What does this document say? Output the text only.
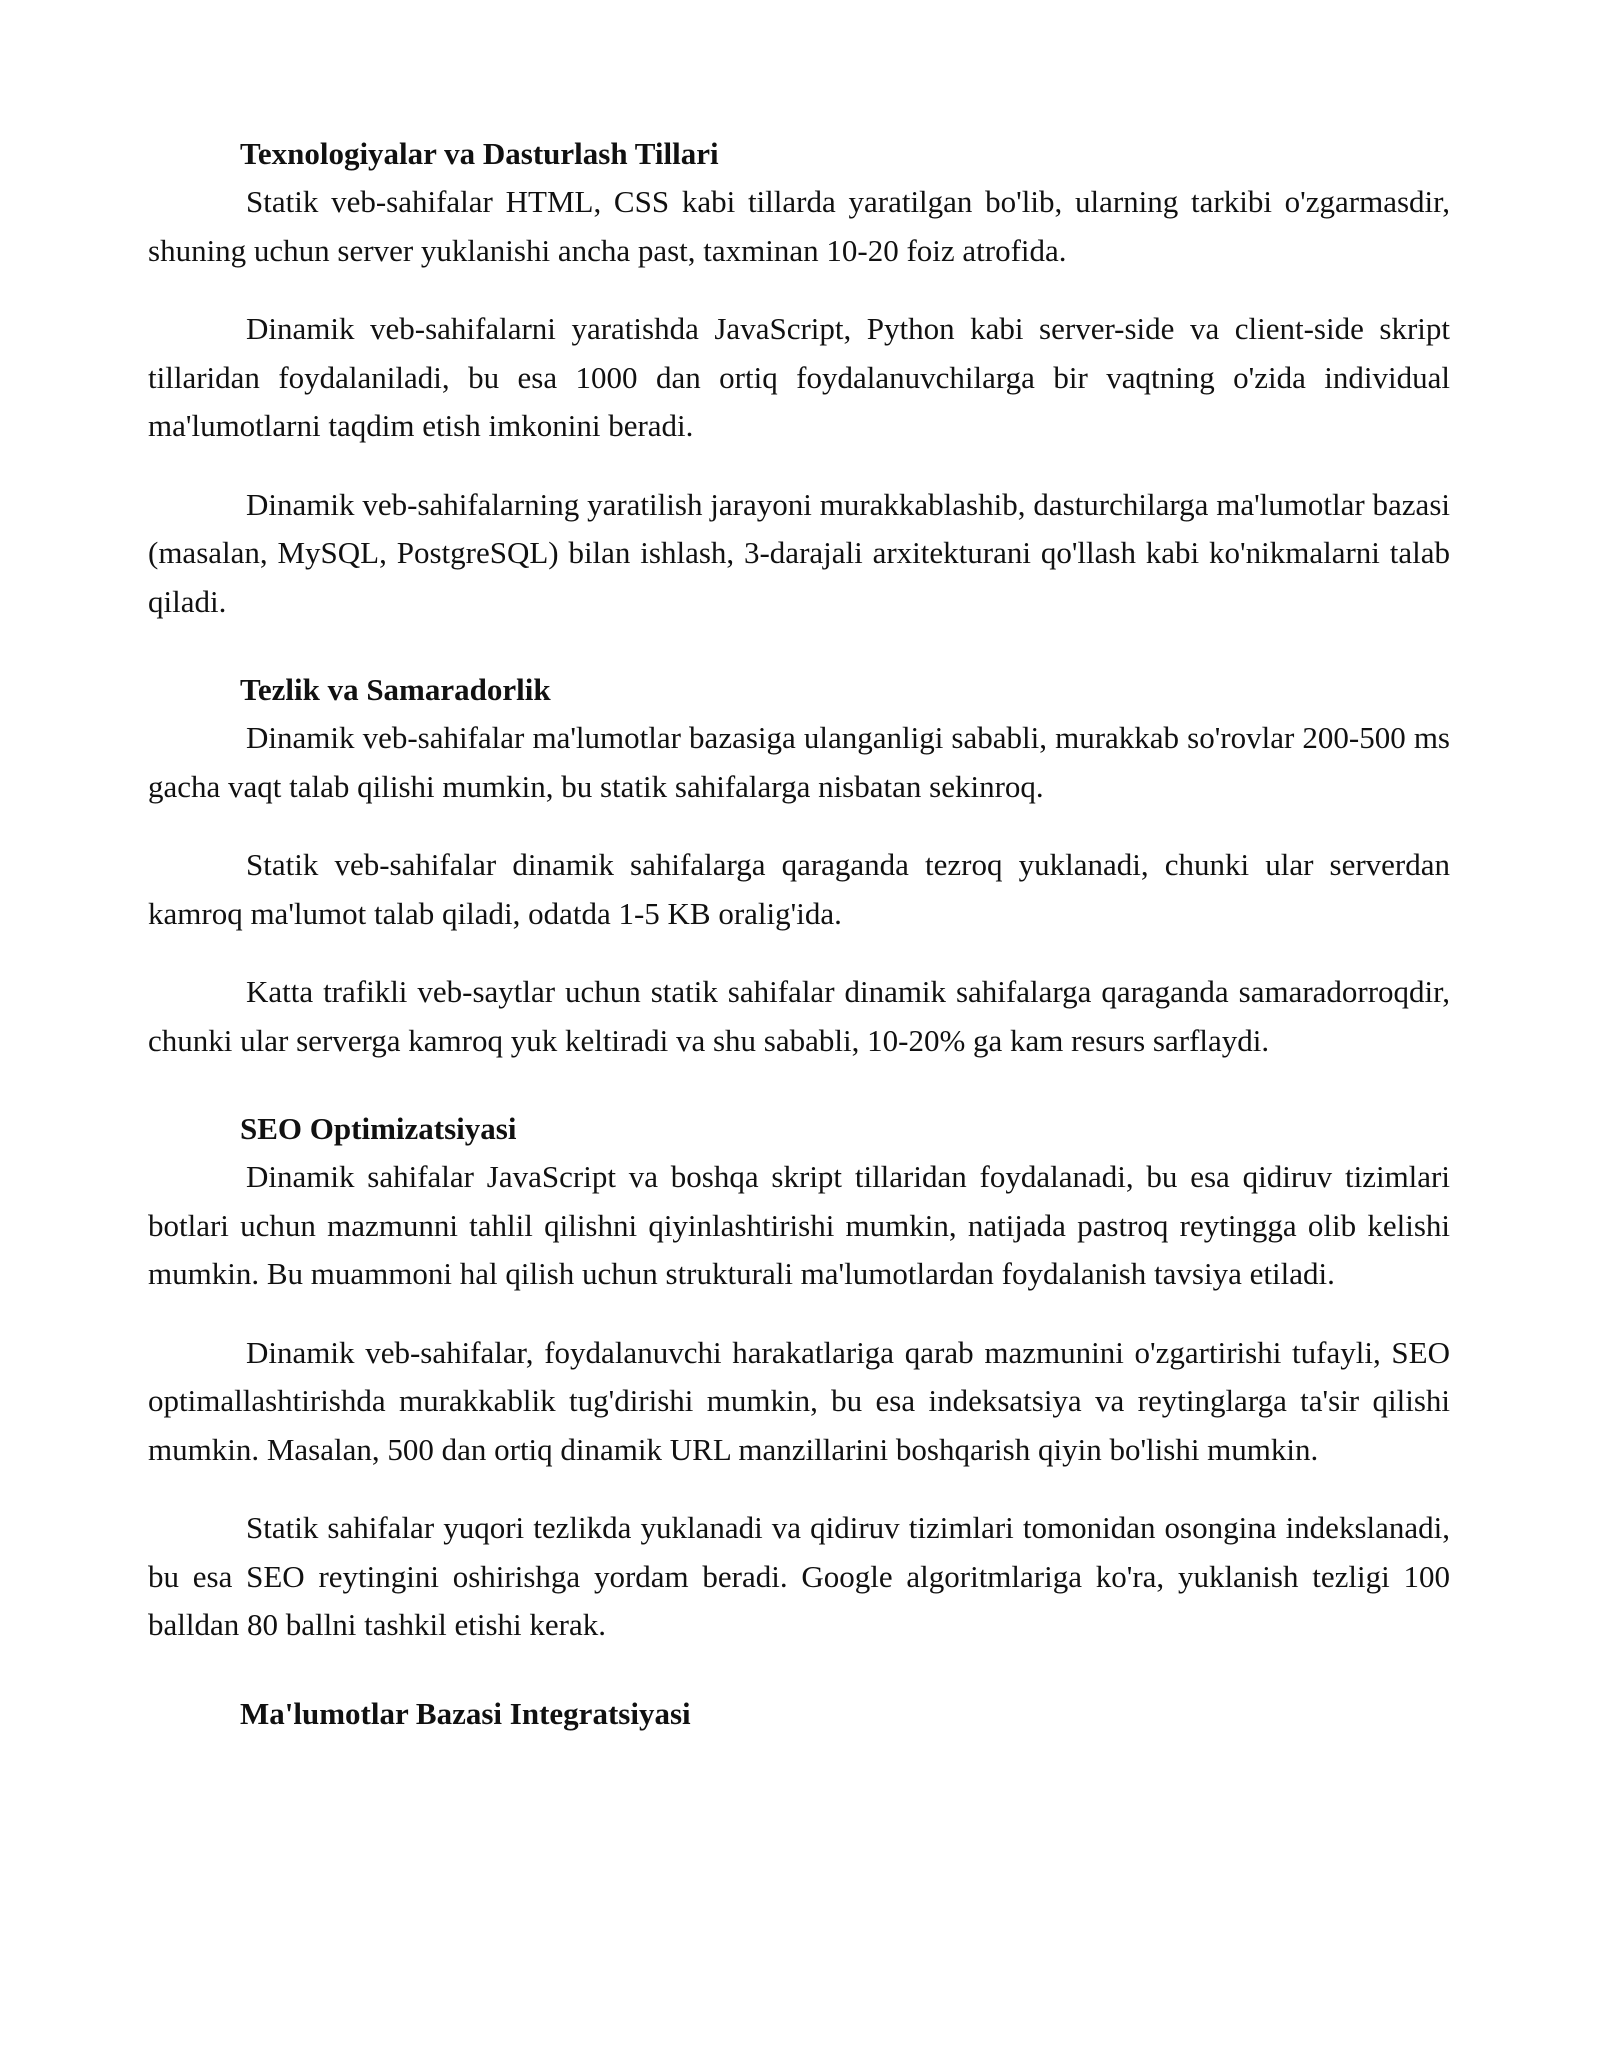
Texnologiyalar va Dasturlash Tillari

Statik veb-sahifalar HTML, CSS kabi tillarda yaratilgan bo'lib, ularning tarkibi o'zgarmasdir, shuning uchun server yuklanishi ancha past, taxminan 10-20 foiz atrofida.

Dinamik veb-sahifalarni yaratishda JavaScript, Python kabi server-side va client-side skript tillaridan foydalaniladi, bu esa 1000 dan ortiq foydalanuvchilarga bir vaqtning o'zida individual ma'lumotlarni taqdim etish imkonini beradi.

Dinamik veb-sahifalarning yaratilish jarayoni murakkablashib, dasturchilarga ma'lumotlar bazasi (masalan, MySQL, PostgreSQL) bilan ishlash, 3-darajali arxitekturani qo'llash kabi ko'nikmalarni talab qiladi.

Tezlik va Samaradorlik

Dinamik veb-sahifalar ma'lumotlar bazasiga ulanganligi sababli, murakkab so'rovlar 200-500 ms gacha vaqt talab qilishi mumkin, bu statik sahifalarga nisbatan sekinroq.

Statik veb-sahifalar dinamik sahifalarga qaraganda tezroq yuklanadi, chunki ular serverdan kamroq ma'lumot talab qiladi, odatda 1-5 KB oralig'ida.

Katta trafikli veb-saytlar uchun statik sahifalar dinamik sahifalarga qaraganda samaradorroqdir, chunki ular serverga kamroq yuk keltiradi va shu sababli, 10-20% ga kam resurs sarflaydi.

SEO Optimizatsiyasi

Dinamik sahifalar JavaScript va boshqa skript tillaridan foydalanadi, bu esa qidiruv tizimlari botlari uchun mazmunni tahlil qilishni qiyinlashtirishi mumkin, natijada pastroq reytingga olib kelishi mumkin. Bu muammoni hal qilish uchun strukturali ma'lumotlardan foydalanish tavsiya etiladi.

Dinamik veb-sahifalar, foydalanuvchi harakatlariga qarab mazmunini o'zgartirishi tufayli, SEO optimallashtirishda murakkablik tug'dirishi mumkin, bu esa indeksatsiya va reytinglarga ta'sir qilishi mumkin. Masalan, 500 dan ortiq dinamik URL manzillarini boshqarish qiyin bo'lishi mumkin.

Statik sahifalar yuqori tezlikda yuklanadi va qidiruv tizimlari tomonidan osongina indekslanadi, bu esa SEO reytingini oshirishga yordam beradi. Google algoritmlariga ko'ra, yuklanish tezligi 100 balldan 80 ballni tashkil etishi kerak.

Ma'lumotlar Bazasi Integratsiyasi
